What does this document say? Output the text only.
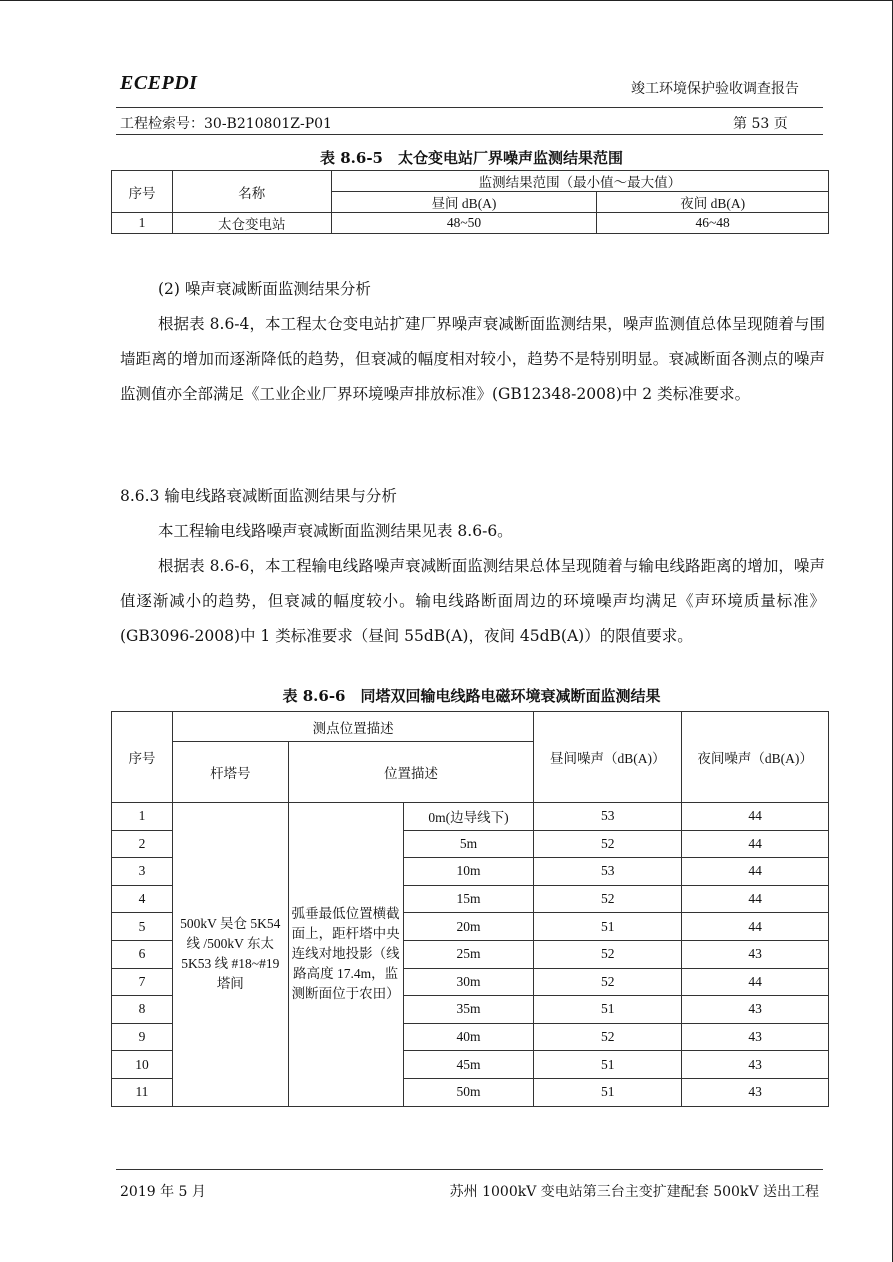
ECEPDI	竣工环境保护验收调查报告
工程检索号：30-B210801Z-P01	第 53 页
表 8.6-5　太仓变电站厂界噪声监测结果范围
序号	名称	监测结果范围（最小值～最大值）	
		昼间 dB(A)	夜间 dB(A)
1	太仓变电站	48~50	46~48
(2) 噪声衰减断面监测结果分析
根据表 8.6-4，本工程太仓变电站扩建厂界噪声衰减断面监测结果，噪声监测值总体呈现随着与围墙距离的增加而逐渐降低的趋势，但衰减的幅度相对较小，趋势不是特别明显。衰减断面各测点的噪声监测值亦全部满足《工业企业厂界环境噪声排放标准》(GB12348-2008)中 2 类标准要求。
8.6.3 输电线路衰减断面监测结果与分析
本工程输电线路噪声衰减断面监测结果见表 8.6-6。
根据表 8.6-6，本工程输电线路噪声衰减断面监测结果总体呈现随着与输电线路距离的增加，噪声值逐渐减小的趋势，但衰减的幅度较小。输电线路断面周边的环境噪声均满足《声环境质量标准》(GB3096-2008)中 1 类标准要求（昼间 55dB(A)，夜间 45dB(A)）的限值要求。
表 8.6-6　同塔双回输电线路电磁环境衰减断面监测结果
序号	测点位置描述			昼间噪声（dB(A)）	夜间噪声（dB(A)）
	杆塔号	位置描述			
1	500kV 吴仓 5K54 线 /500kV 东太 5K53 线 #18~#19 塔间	弧垂最低位置横截面上，距杆塔中央连线对地投影（线路高度 17.4m，监测断面位于农田）	0m(边导线下)	53	44
2			5m	52	44
3			10m	53	44
4			15m	52	44
5			20m	51	44
6			25m	52	43
7			30m	52	44
8			35m	51	43
9			40m	52	43
10			45m	51	43
11			50m	51	43
2019 年 5 月	苏州 1000kV 变电站第三台主变扩建配套 500kV 送出工程
